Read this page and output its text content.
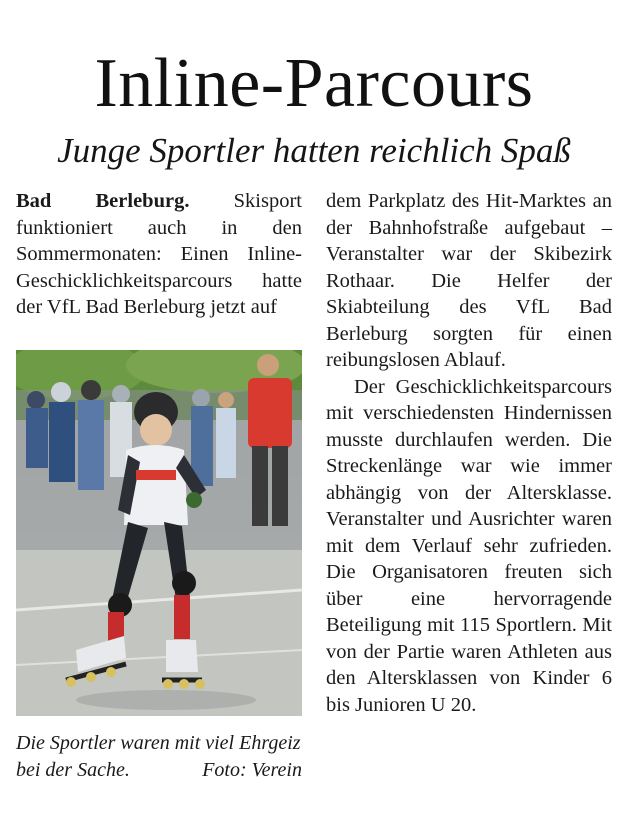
Inline-Parcours
Junge Sportler hatten reichlich Spaß

Bad Berleburg. Skisport funktioniert auch in den Sommermonaten: Einen Inline-Geschicklichkeitsparcours hatte der VfL Bad Berleburg jetzt auf

Die Sportler waren mit viel Ehrgeiz bei der Sache.	Foto: Verein

dem Parkplatz des Hit-Marktes an der Bahnhofstraße aufgebaut – Veranstalter war der Skibezirk Rothaar. Die Helfer der Skiabteilung des VfL Bad Berleburg sorgten für einen reibungslosen Ablauf.

Der Geschicklichkeitsparcours mit verschiedensten Hindernissen musste durchlaufen werden. Die Streckenlänge war wie immer abhängig von der Altersklasse. Veranstalter und Ausrichter waren mit dem Verlauf sehr zufrieden. Die Organisatoren freuten sich über eine hervorragende Beteiligung mit 115 Sportlern. Mit von der Partie waren Athleten aus den Altersklassen von Kinder 6 bis Junioren U 20.
